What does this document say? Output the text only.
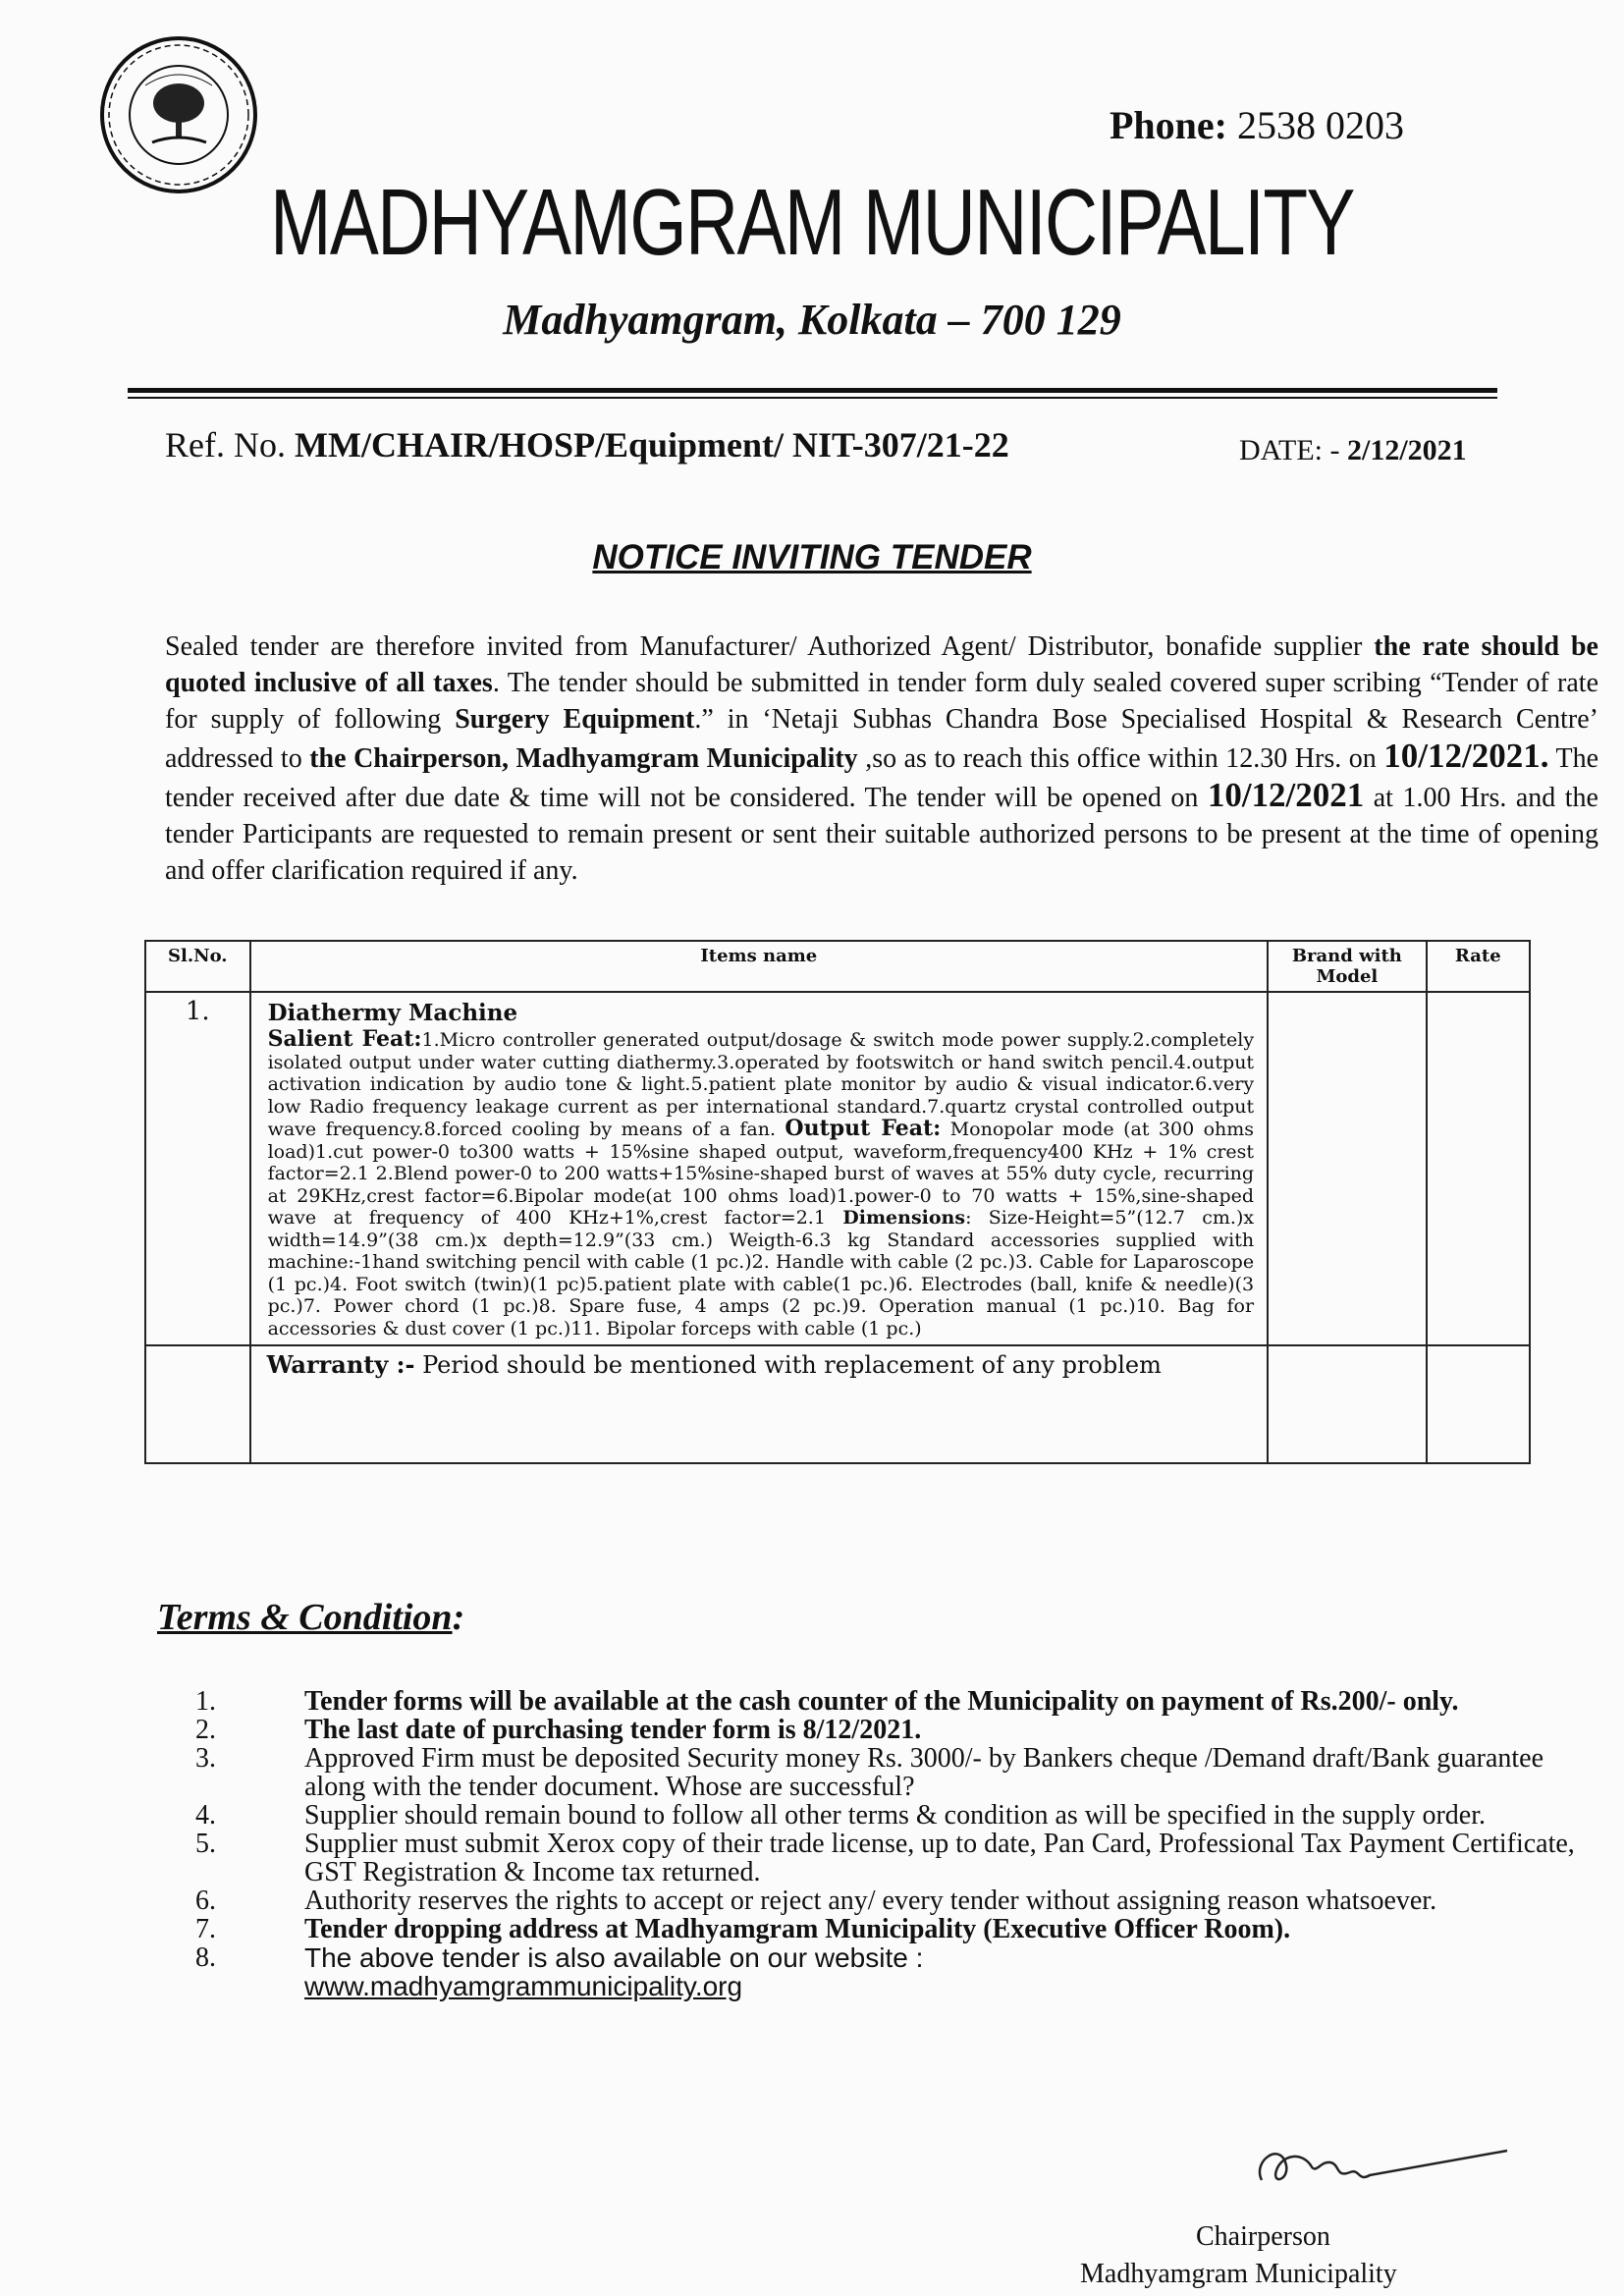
Phone: 2538 0203
MADHYAMGRAM MUNICIPALITY
Madhyamgram, Kolkata – 700 129
Ref. No. MM/CHAIR/HOSP/Equipment/ NIT-307/21-22	DATE: - 2/12/2021
NOTICE INVITING TENDER
Sealed tender are therefore invited from Manufacturer/ Authorized Agent/ Distributor, bonafide supplier the rate should be quoted inclusive of all taxes. The tender should be submitted in tender form duly sealed covered super scribing “Tender of rate for supply of following Surgery Equipment.” in ‘Netaji Subhas Chandra Bose Specialised Hospital & Research Centre’ addressed to the Chairperson, Madhyamgram Municipality ,so as to reach this office within 12.30 Hrs. on 10/12/2021. The tender received after due date & time will not be considered. The tender will be opened on 10/12/2021 at 1.00 Hrs. and the tender Participants are requested to remain present or sent their suitable authorized persons to be present at the time of opening and offer clarification required if any.
Sl.No.	Items name	Brand with Model	Rate
1.	Diathermy Machine
Salient Feat:1.Micro controller generated output/dosage & switch mode power supply.2.completely isolated output under water cutting diathermy.3.operated by footswitch or hand switch pencil.4.output activation indication by audio tone & light.5.patient plate monitor by audio & visual indicator.6.very low Radio frequency leakage current as per international standard.7.quartz crystal controlled output wave frequency.8.forced cooling by means of a fan. Output Feat: Monopolar mode (at 300 ohms load)1.cut power-0 to300 watts + 15%sine shaped output, waveform,frequency400 KHz + 1% crest factor=2.1 2.Blend power-0 to 200 watts+15%sine-shaped burst of waves at 55% duty cycle, recurring at 29KHz,crest factor=6.Bipolar mode(at 100 ohms load)1.power-0 to 70 watts + 15%,sine-shaped wave at frequency of 400 KHz+1%,crest factor=2.1 Dimensions: Size-Height=5”(12.7 cm.)x width=14.9”(38 cm.)x depth=12.9”(33 cm.) Weigth-6.3 kg Standard accessories supplied with machine:-1hand switching pencil with cable (1 pc.)2. Handle with cable (2 pc.)3. Cable for Laparoscope (1 pc.)4. Foot switch (twin)(1 pc)5.patient plate with cable(1 pc.)6. Electrodes (ball, knife & needle)(3 pc.)7. Power chord (1 pc.)8. Spare fuse, 4 amps (2 pc.)9. Operation manual (1 pc.)10. Bag for accessories & dust cover (1 pc.)11. Bipolar forceps with cable (1 pc.)		

	Warranty :- Period should be mentioned with replacement of any problem		
Terms & Condition:
1.	Tender forms will be available at the cash counter of the Municipality on payment of Rs.200/- only.
2.	The last date of purchasing tender form is 8/12/2021.
3.	Approved Firm must be deposited Security money Rs. 3000/- by Bankers cheque /Demand draft/Bank guarantee along with the tender document. Whose are successful?
4.	Supplier should remain bound to follow all other terms & condition as will be specified in the supply order.
5.	Supplier must submit Xerox copy of their trade license, up to date, Pan Card, Professional Tax Payment Certificate, GST Registration & Income tax returned.
6.	Authority reserves the rights to accept or reject any/ every tender without assigning reason whatsoever.
7.	Tender dropping address at Madhyamgram Municipality (Executive Officer Room).
8.	The above tender is also available on our website :
www.madhyamgrammunicipality.org
Chairperson
Madhyamgram Municipality
